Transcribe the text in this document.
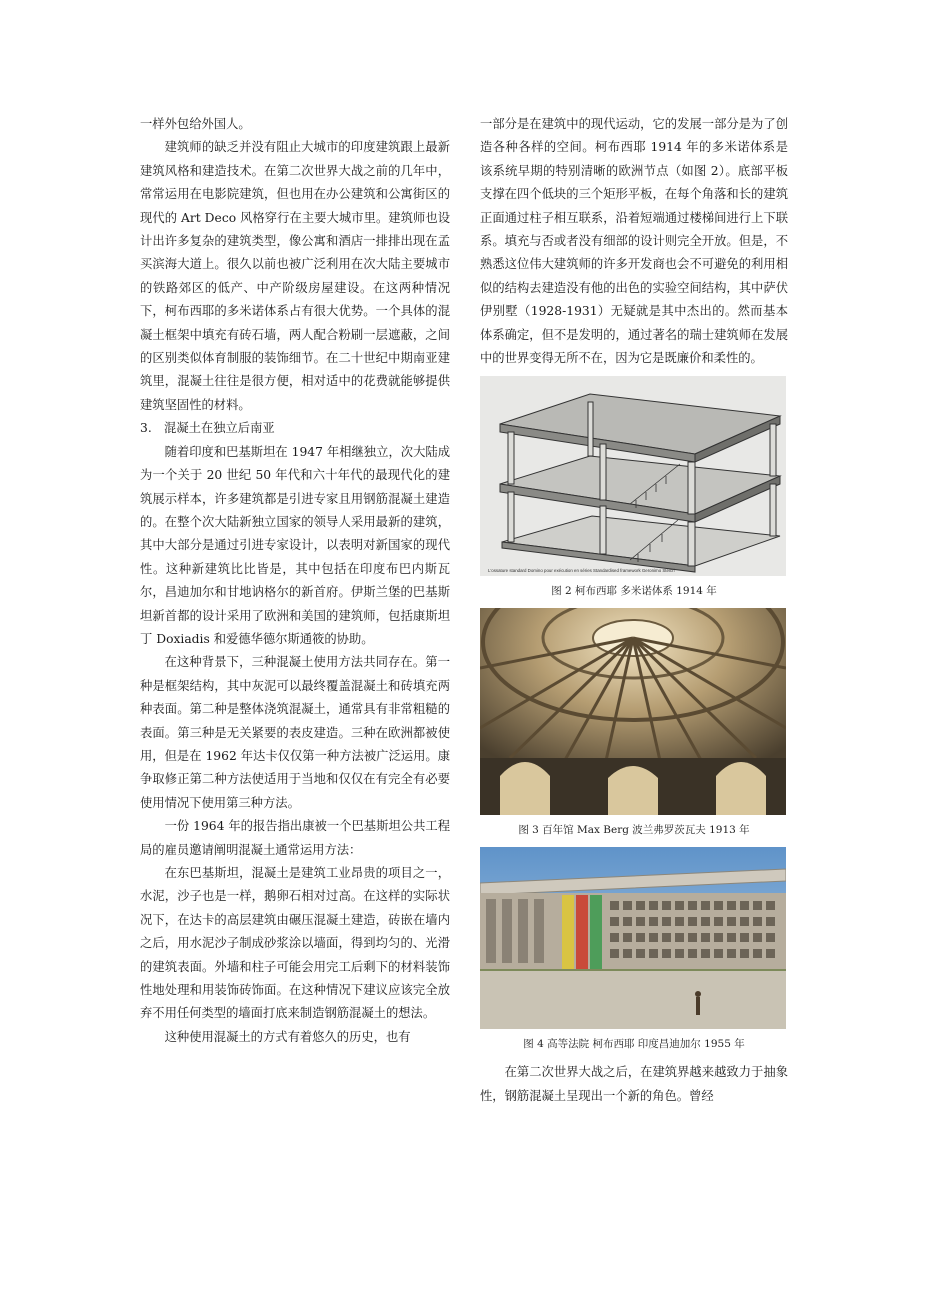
一样外包给外国人。

建筑师的缺乏并没有阻止大城市的印度建筑跟上最新建筑风格和建造技术。在第二次世界大战之前的几年中，常常运用在电影院建筑，但也用在办公建筑和公寓街区的现代的 Art Deco 风格穿行在主要大城市里。建筑师也设计出许多复杂的建筑类型，像公寓和酒店一排排出现在孟买滨海大道上。很久以前也被广泛利用在次大陆主要城市的铁路郊区的低产、中产阶级房屋建设。在这两种情况下，柯布西耶的多米诺体系占有很大优势。一个具体的混凝土框架中填充有砖石墙，两人配合粉刷一层遮蔽，之间的区别类似体育制服的装饰细节。在二十世纪中期南亚建筑里，混凝土往往是很方便，相对适中的花费就能够提供建筑坚固性的材料。

3.　混凝土在独立后南亚

随着印度和巴基斯坦在 1947 年相继独立，次大陆成为一个关于 20 世纪 50 年代和六十年代的最现代化的建筑展示样本，许多建筑都是引进专家且用钢筋混凝土建造的。在整个次大陆新独立国家的领导人采用最新的建筑，其中大部分是通过引进专家设计，以表明对新国家的现代性。这种新建筑比比皆是，其中包括在印度布巴内斯瓦尔，昌迪加尔和甘地讷格尔的新首府。伊斯兰堡的巴基斯坦新首都的设计采用了欧洲和美国的建筑师，包括康斯坦丁 Doxiadis 和爱德华德尔斯通筱的协助。

在这种背景下，三种混凝土使用方法共同存在。第一种是框架结构，其中灰泥可以最终覆盖混凝土和砖填充两种表面。第二种是整体浇筑混凝土，通常具有非常粗糙的表面。第三种是无关紧要的表皮建造。三种在欧洲都被使用，但是在 1962 年达卡仅仅第一种方法被广泛运用。康争取修正第二种方法使适用于当地和仅仅在有完全有必要使用情况下使用第三种方法。

一份 1964 年的报告指出康被一个巴基斯坦公共工程局的雇员邀请阐明混凝土通常运用方法：

在东巴基斯坦，混凝土是建筑工业昂贵的项目之一，水泥，沙子也是一样，鹅卵石相对过高。在这样的实际状况下，在达卡的高层建筑由碾压混凝土建造，砖嵌在墙内之后，用水泥沙子制成砂浆涂以墙面，得到均匀的、光滑的建筑表面。外墙和柱子可能会用完工后剩下的材料装饰性地处理和用装饰砖饰面。在这种情况下建议应该完全放弃不用任何类型的墙面打底来制造钢筋混凝土的想法。

这种使用混凝土的方式有着悠久的历史，也有

一部分是在建筑中的现代运动，它的发展一部分是为了创造各种各样的空间。柯布西耶 1914 年的多米诺体系是该系统早期的特别清晰的欧洲节点（如图 2）。底部平板支撑在四个低块的三个矩形平板，在每个角落和长的建筑正面通过柱子相互联系，沿着短端通过楼梯间进行上下联系。填充与否或者没有细部的设计则完全开放。但是，不熟悉这位伟大建筑师的许多开发商也会不可避免的利用相似的结构去建造没有他的出色的实验空间结构，其中萨伏伊别墅（1928-1931）无疑就是其中杰出的。然而基本体系确定，但不是发明的，通过著名的瑞士建筑师在发展中的世界变得无所不在，因为它是既廉价和柔性的。

L'ossature standard Domino pour exécution en séries Standardised framework Geronimo Steicri
图 2 柯布西耶 多米诺体系 1914 年
图 3 百年馆 Max Berg 波兰弗罗茨瓦夫 1913 年
图 4 高等法院 柯布西耶 印度昌迪加尔 1955 年

在第二次世界大战之后，在建筑界越来越致力于抽象性，钢筋混凝土呈现出一个新的角色。曾经
